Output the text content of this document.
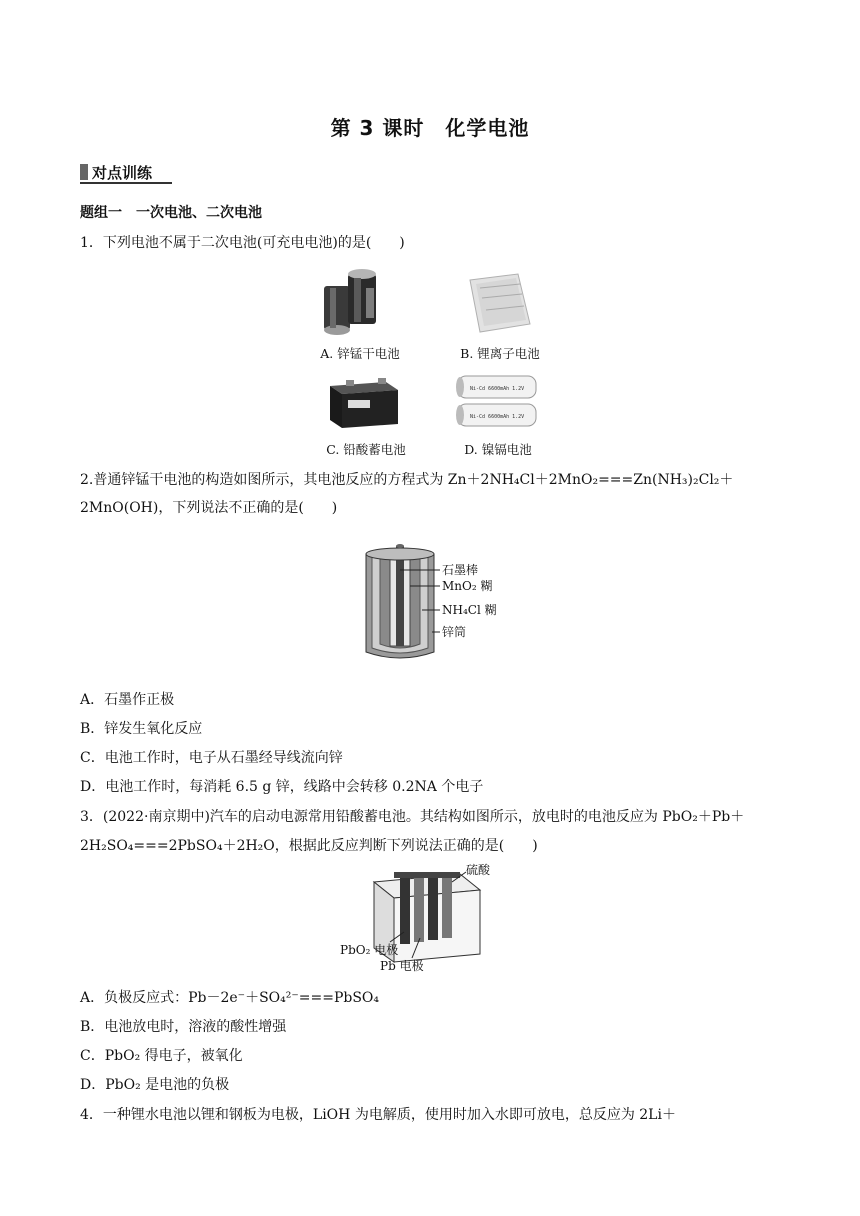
第 3 课时　化学电池
对点训练
题组一　一次电池、二次电池
1．下列电池不属于二次电池(可充电电池)的是(　　)
A. 锌锰干电池	B. 锂离子电池
Ni-Cd 6600mAh 1.2V
Ni-Cd 6600mAh 1.2V
C. 铅酸蓄电池	D. 镍镉电池
2.普通锌锰干电池的构造如图所示，其电池反应的方程式为 Zn＋2NH₄Cl＋2MnO₂===Zn(NH₃)₂Cl₂＋
2MnO(OH)，下列说法不正确的是(　　)
石墨棒
MnO₂ 糊
NH₄Cl 糊
锌筒
A．石墨作正极
B．锌发生氧化反应
C．电池工作时，电子从石墨经导线流向锌
D．电池工作时，每消耗 6.5 g 锌，线路中会转移 0.2NA 个电子
3．(2022·南京期中)汽车的启动电源常用铅酸蓄电池。其结构如图所示，放电时的电池反应为 PbO₂＋Pb＋
2H₂SO₄===2PbSO₄＋2H₂O，根据此反应判断下列说法正确的是(　　)
硫酸
PbO₂ 电极
Pb 电极
A．负极反应式：Pb－2e⁻＋SO₄²⁻===PbSO₄
B．电池放电时，溶液的酸性增强
C．PbO₂ 得电子，被氧化
D．PbO₂ 是电池的负极
4．一种锂水电池以锂和钢板为电极，LiOH 为电解质，使用时加入水即可放电，总反应为 2Li＋
